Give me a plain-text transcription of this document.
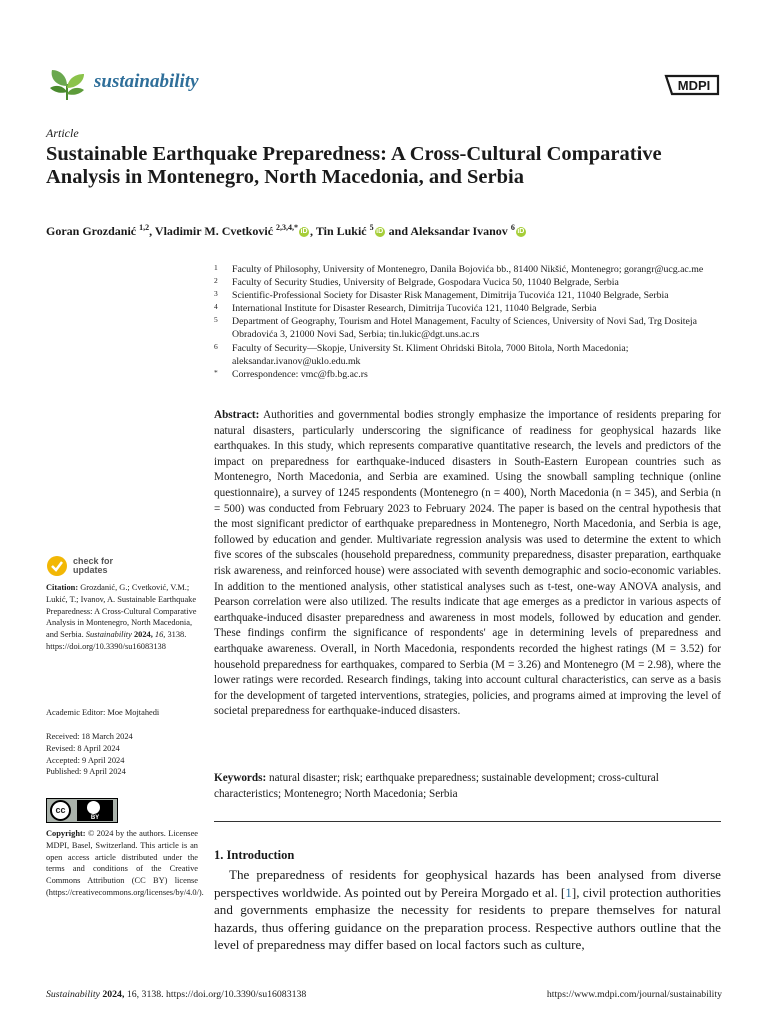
sustainability	MDPI
Article
Sustainable Earthquake Preparedness: A Cross-Cultural Comparative Analysis in Montenegro, North Macedonia, and Serbia
Goran Grozdanić $^{1,2}$, Vladimir M. Cvetković $^{2,3,4,*}$ iD , Tin Lukić $^5$ iD and Aleksandar Ivanov $^6$ iD
1 Faculty of Philosophy, University of Montenegro, Danila Bojovića bb., 81400 Nikšić, Montenegro; gorangr@ucg.ac.me
2 Faculty of Security Studies, University of Belgrade, Gospodara Vucica 50, 11040 Belgrade, Serbia
3 Scientific-Professional Society for Disaster Risk Management, Dimitrija Tucovića 121, 11040 Belgrade, Serbia
4 International Institute for Disaster Research, Dimitrija Tucovića 121, 11040 Belgrade, Serbia
5 Department of Geography, Tourism and Hotel Management, Faculty of Sciences, University of Novi Sad, Trg Dositeja Obradovića 3, 21000 Novi Sad, Serbia; tin.lukic@dgt.uns.ac.rs
6 Faculty of Security—Skopje, University St. Kliment Ohridski Bitola, 7000 Bitola, North Macedonia; aleksandar.ivanov@uklo.edu.mk
* Correspondence: vmc@fb.bg.ac.rs

Abstract: Authorities and governmental bodies strongly emphasize the importance of residents preparing for natural disasters, particularly underscoring the significance of readiness for geophysical hazards like earthquakes. In this study, which represents comparative quantitative research, the levels and predictors of the impact on preparedness for earthquake-induced disasters in South-Eastern European countries such as Montenegro, North Macedonia, and Serbia are examined. Using the snowball sampling technique (online questionnaire), a survey of 1245 respondents (Montenegro (n = 400), North Macedonia (n = 345), and Serbia (n = 500) was conducted from February 2023 to February 2024. The paper is based on the central hypothesis that the most significant predictor of earthquake preparedness in Montenegro, North Macedonia, and Serbia is age, followed by education and gender. Multivariate regression analysis was used to determine the extent to which five scores of the subscales (household preparedness, community preparedness, disaster preparation, earthquake risk awareness, and reinforced house) were associated with seventh demographic and socio-economic variables. In addition to the mentioned analysis, other statistical analyses such as t-test, one-way ANOVA analysis, and Pearson correlation were also utilized. The results indicate that age emerges as a predictor in various aspects of earthquake-induced disaster preparedness and awareness in most models, followed by education and gender. These findings confirm the significance of respondents' age in determining levels of preparedness and earthquake awareness. Overall, in North Macedonia, respondents recorded the highest ratings (M = 3.52) for household preparedness for earthquakes, compared to Serbia (M = 3.26) and Montenegro (M = 2.98), where the lower ratings were recorded. Research findings, taking into account cultural characteristics, can serve as a basis for the development of targeted interventions, strategies, policies, and programs aimed at improving the level of societal preparedness for earthquake-induced disasters.

Keywords: natural disaster; risk; earthquake preparedness; sustainable development; cross-cultural characteristics; Montenegro; North Macedonia; Serbia

1. Introduction

The preparedness of residents for geophysical hazards has been analysed from diverse perspectives worldwide. As pointed out by Pereira Morgado et al. [1], civil protection authorities and governments emphasize the necessity for residents to prepare themselves for natural hazards, thus offering guidance on the preparation process. Respective authors outline that the level of preparedness may differ based on local factors such as culture,

check for
updates
Citation: Grozdanić, G.; Cvetković, V.M.; Lukić, T.; Ivanov, A. Sustainable Earthquake Preparedness: A Cross-Cultural Comparative Analysis in Montenegro, North Macedonia, and Serbia. Sustainability 2024, 16, 3138. https://doi.org/10.3390/su16083138
Academic Editor: Moe Mojtahedi
Received: 18 March 2024
Revised: 8 April 2024
Accepted: 9 April 2024
Published: 9 April 2024
cc
BY
Copyright: © 2024 by the authors. Licensee MDPI, Basel, Switzerland. This article is an open access article distributed under the terms and conditions of the Creative Commons Attribution (CC BY) license (https://creativecommons.org/licenses/by/4.0/).
Sustainability 2024, 16, 3138. https://doi.org/10.3390/su16083138	https://www.mdpi.com/journal/sustainability
